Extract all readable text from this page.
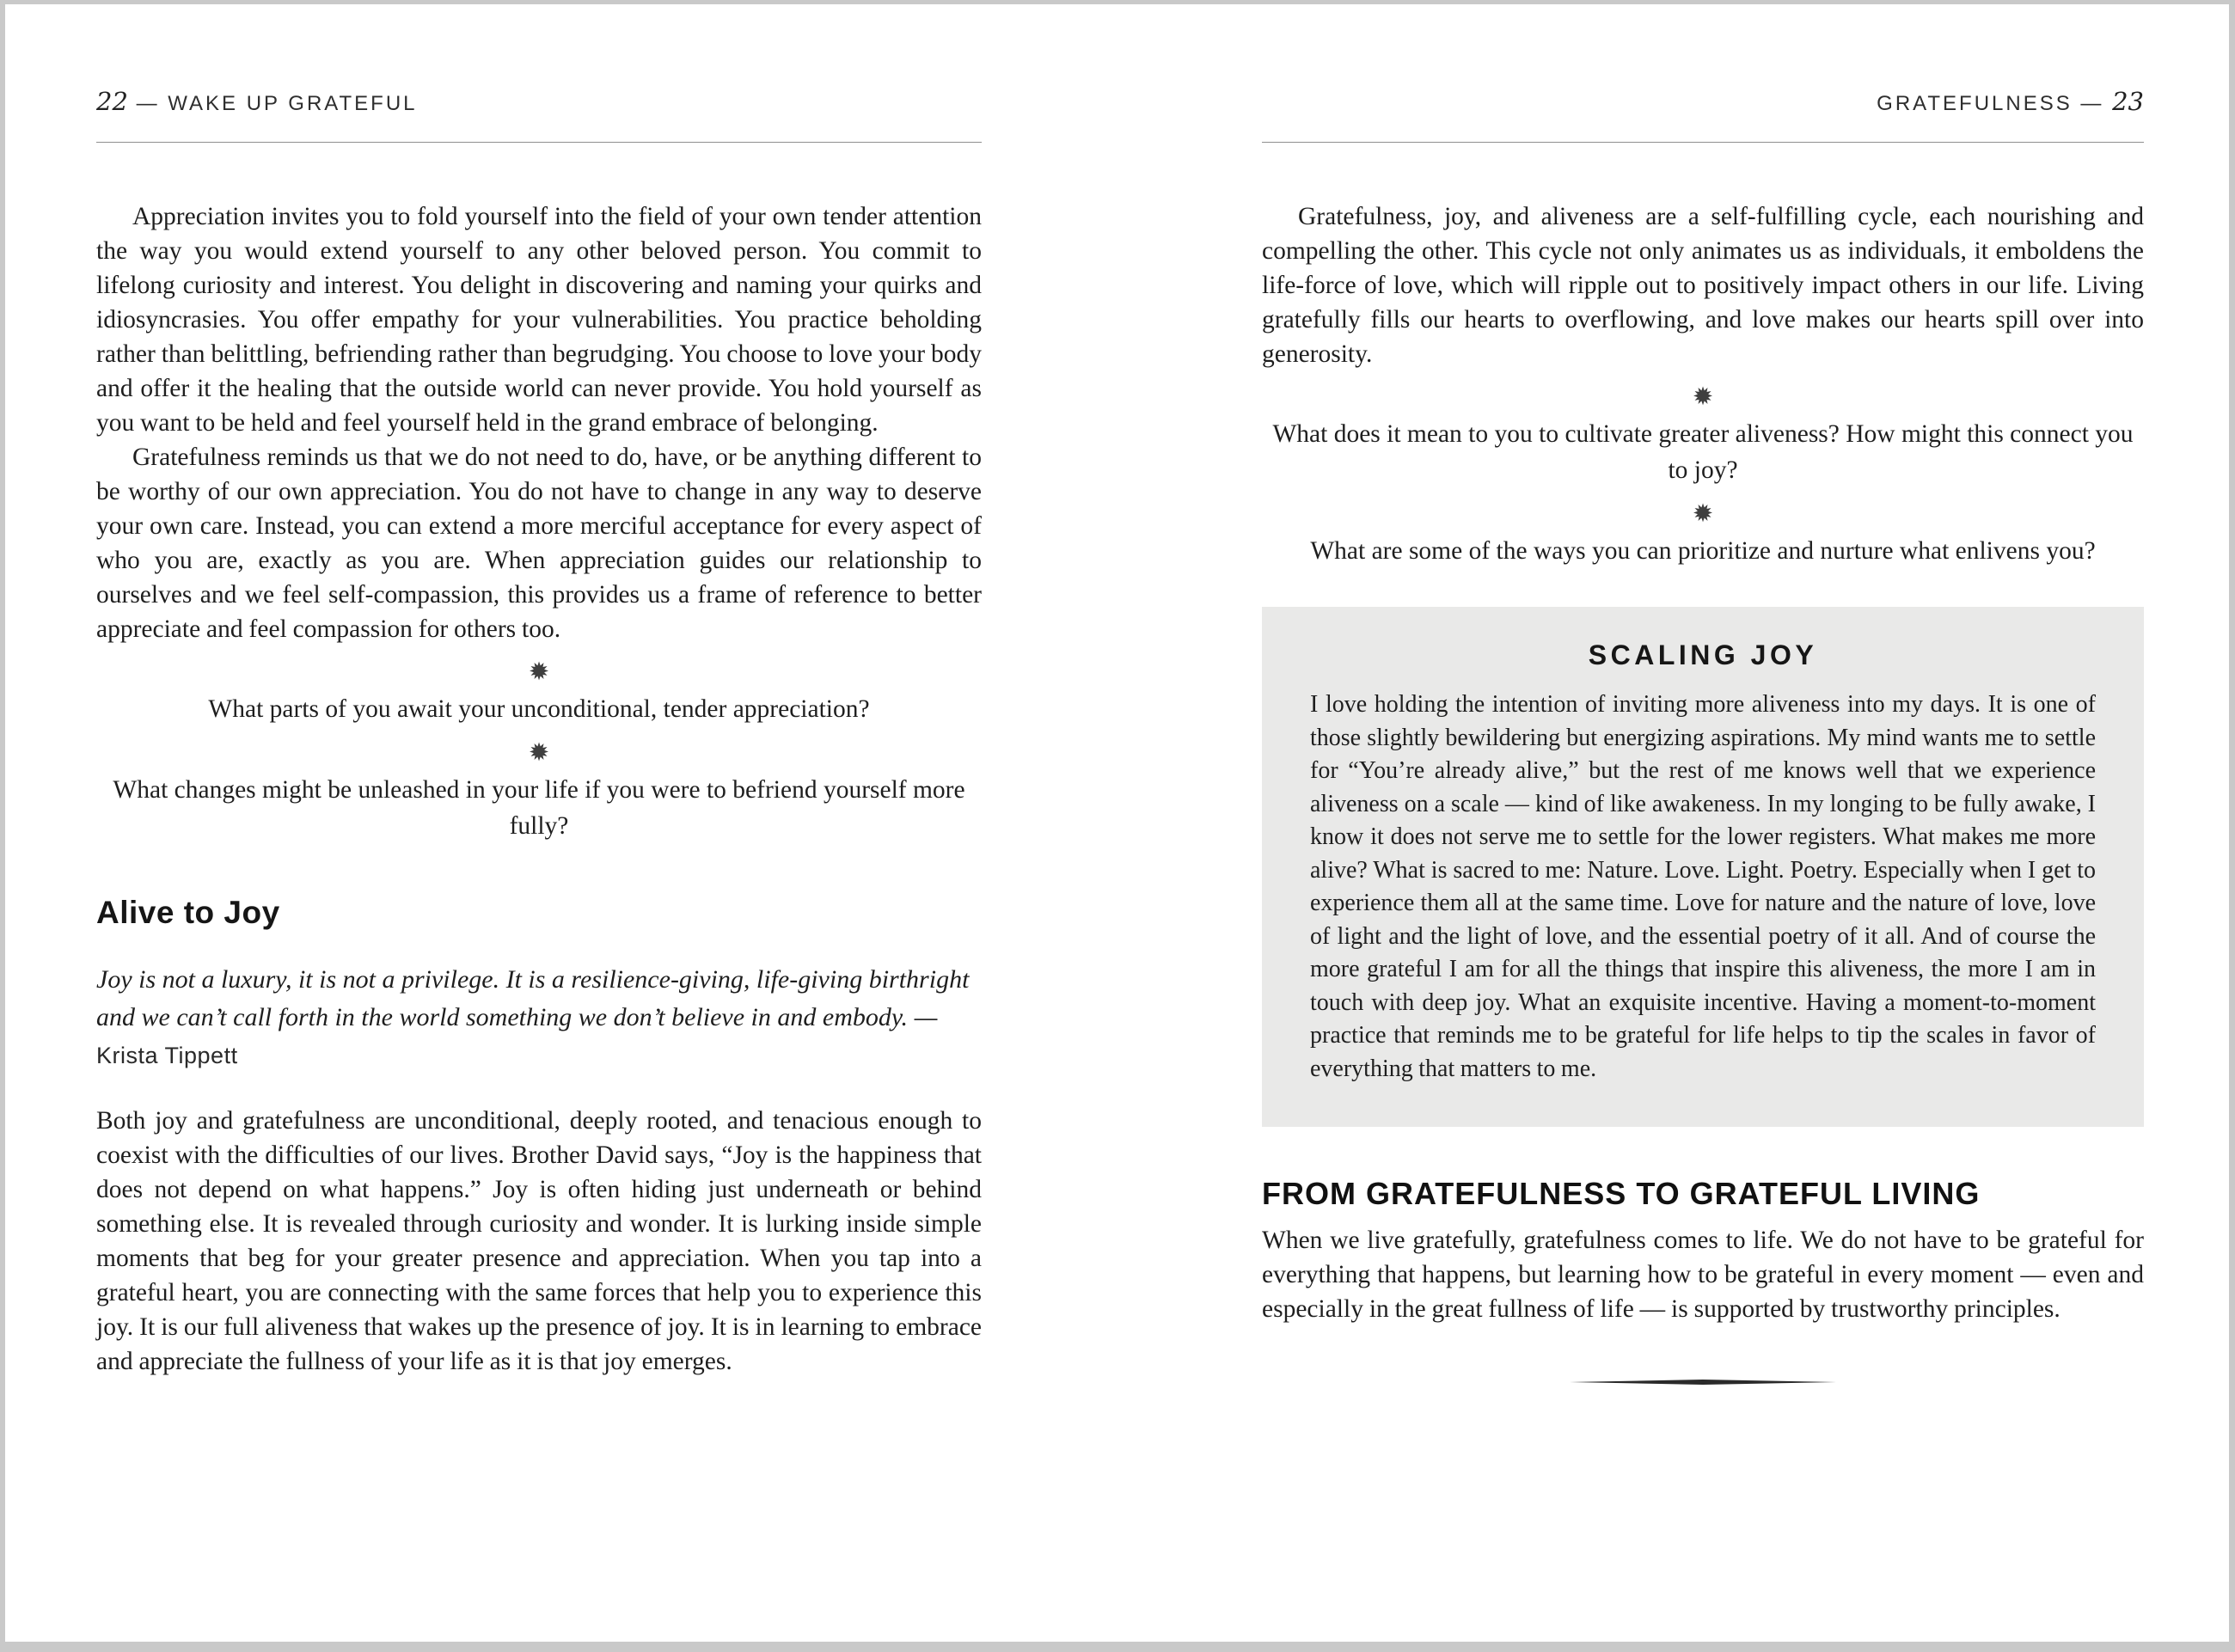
22 — WAKE UP GRATEFUL

Appreciation invites you to fold yourself into the field of your own tender attention the way you would extend yourself to any other beloved person. You commit to lifelong curiosity and interest. You delight in discovering and naming your quirks and idiosyncrasies. You offer empathy for your vulnerabilities. You practice beholding rather than belittling, befriending rather than begrudging. You choose to love your body and offer it the healing that the outside world can never provide. You hold yourself as you want to be held and feel yourself held in the grand embrace of belonging.

Gratefulness reminds us that we do not need to do, have, or be anything different to be worthy of our own appreciation. You do not have to change in any way to deserve your own care. Instead, you can extend a more merciful acceptance for every aspect of who you are, exactly as you are. When appreciation guides our relationship to ourselves and we feel self-compassion, this provides us a frame of reference to better appreciate and feel compassion for others too.

✹

What parts of you await your unconditional, tender appreciation?

✹

What changes might be unleashed in your life if you were to befriend yourself more fully?

Alive to Joy

Joy is not a luxury, it is not a privilege. It is a resilience-giving, life-giving birthright and we can’t call forth in the world something we don’t believe in and embody. — Krista Tippett

Both joy and gratefulness are unconditional, deeply rooted, and tenacious enough to coexist with the difficulties of our lives. Brother David says, “Joy is the happiness that does not depend on what happens.” Joy is often hiding just underneath or behind something else. It is revealed through curiosity and wonder. It is lurking inside simple moments that beg for your greater presence and appreciation. When you tap into a grateful heart, you are connecting with the same forces that help you to experience this joy. It is our full aliveness that wakes up the presence of joy. It is in learning to embrace and appreciate the fullness of your life as it is that joy emerges.

GRATEFULNESS — 23

Gratefulness, joy, and aliveness are a self-fulfilling cycle, each nourishing and compelling the other. This cycle not only animates us as individuals, it emboldens the life-force of love, which will ripple out to positively impact others in our life. Living gratefully fills our hearts to overflowing, and love makes our hearts spill over into generosity.

✹

What does it mean to you to cultivate greater aliveness? How might this connect you to joy?

✹

What are some of the ways you can prioritize and nurture what enlivens you?

SCALING JOY

I love holding the intention of inviting more aliveness into my days. It is one of those slightly bewildering but energizing aspirations. My mind wants me to settle for “You’re already alive,” but the rest of me knows well that we experience aliveness on a scale — kind of like awakeness. In my longing to be fully awake, I know it does not serve me to settle for the lower registers. What makes me more alive? What is sacred to me: Nature. Love. Light. Poetry. Especially when I get to experience them all at the same time. Love for nature and the nature of love, love of light and the light of love, and the essential poetry of it all. And of course the more grateful I am for all the things that inspire this aliveness, the more I am in touch with deep joy. What an exquisite incentive. Having a moment-to-moment practice that reminds me to be grateful for life helps to tip the scales in favor of everything that matters to me.

FROM GRATEFULNESS TO GRATEFUL LIVING

When we live gratefully, gratefulness comes to life. We do not have to be grateful for everything that happens, but learning how to be grateful in every moment — even and especially in the great fullness of life — is supported by trustworthy principles.
